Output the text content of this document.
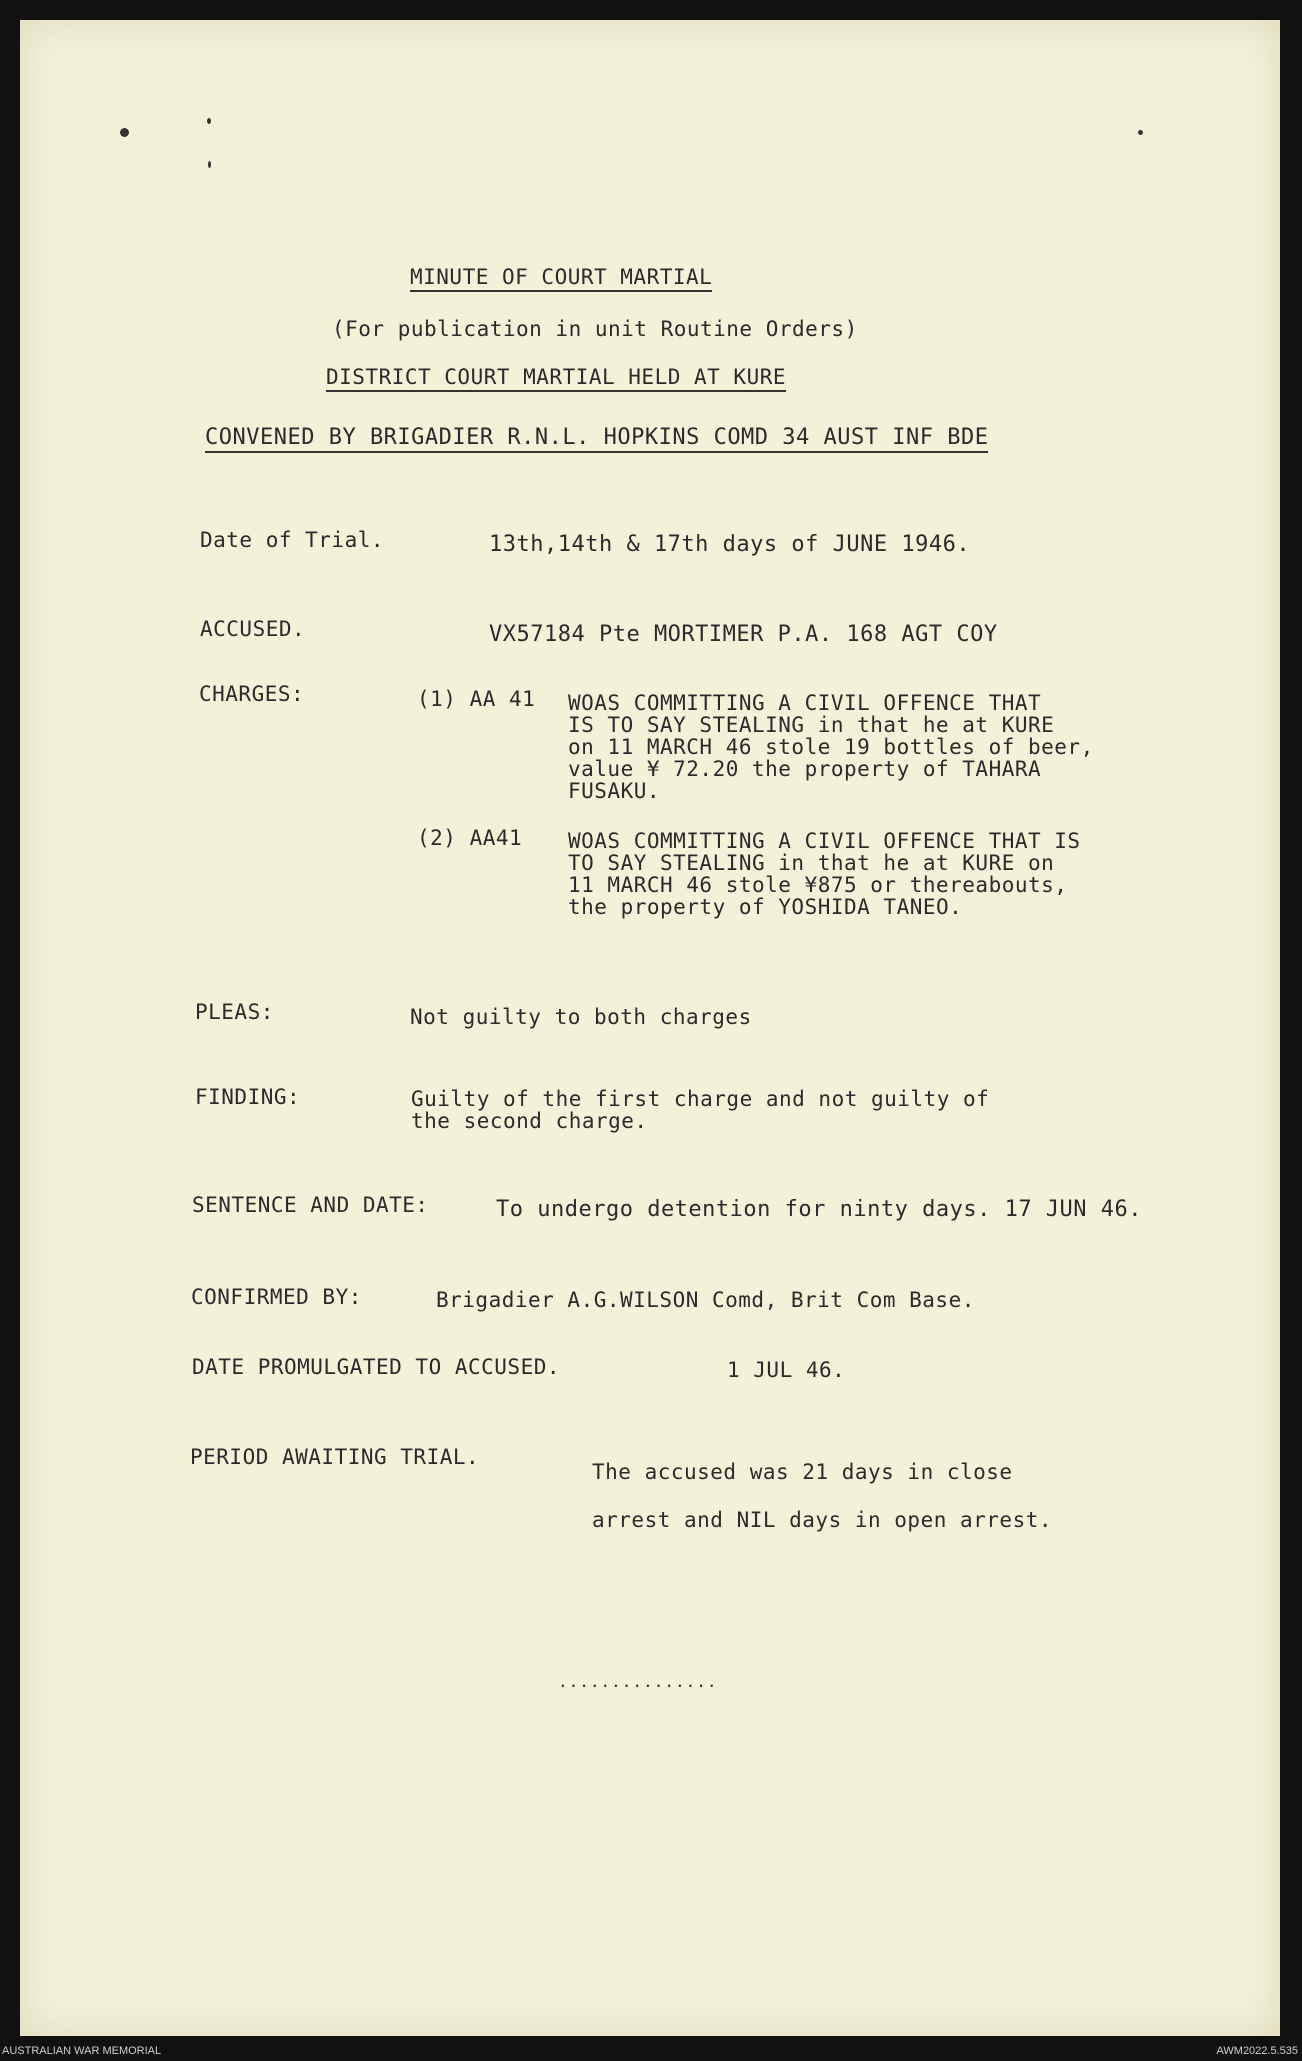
MINUTE OF COURT MARTIAL
(For publication in unit Routine Orders)
DISTRICT COURT MARTIAL HELD AT KURE
CONVENED BY BRIGADIER R.N.L. HOPKINS COMD 34 AUST INF BDE
Date of Trial.	13th,14th & 17th days of JUNE 1946.
ACCUSED.	VX57184 Pte MORTIMER P.A. 168 AGT COY
CHARGES:	(1) AA 41 WOAS COMMITTING A CIVIL OFFENCE THAT
IS TO SAY STEALING in that he at KURE
on 11 MARCH 46 stole 19 bottles of beer,
value ¥ 72.20 the property of TAHARA
FUSAKU.
(2) AA41 WOAS COMMITTING A CIVIL OFFENCE THAT IS
TO SAY STEALING in that he at KURE on
11 MARCH 46 stole ¥875 or thereabouts,
the property of YOSHIDA TANEO.
PLEAS:	Not guilty to both charges
FINDING:	Guilty of the first charge and not guilty of
the second charge.
SENTENCE AND DATE:	To undergo detention for ninty days. 17 JUN 46.
CONFIRMED BY:	Brigadier A.G.WILSON Comd, Brit Com Base.
DATE PROMULGATED TO ACCUSED.	1 JUL 46.
PERIOD AWAITING TRIAL.
The accused was 21 days in close
arrest and NIL days in open arrest.
...............
AUSTRALIAN WAR MEMORIAL	AWM2022.5.535
